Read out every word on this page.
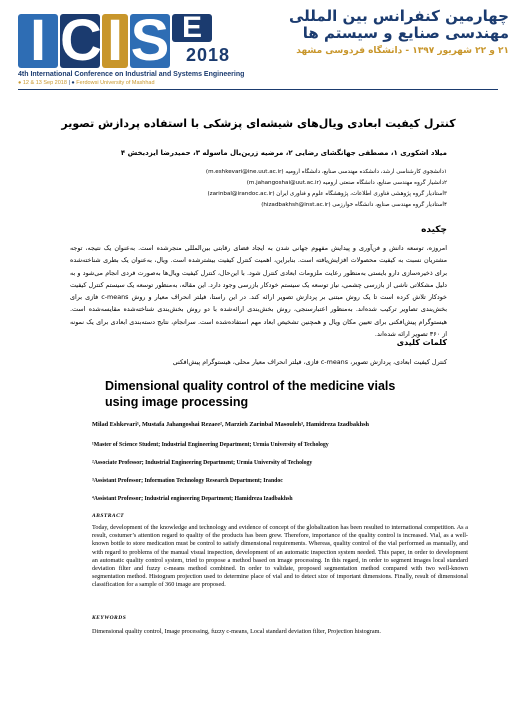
I C I S E
2018
چهارمین کنفرانس بین المللی
مهندسی صنایع و سیستم ها
۲۱ و ۲۲ شهریور ۱۳۹۷ - دانشگاه فردوسی مشهد
4th International Conference on Industrial and Systems Engineering
● 12 & 13 Sep 2018 | ● Ferdowsi University of Mashhad
کنترل کیفیت ابعادی ویال‌های شیشه‌ای پزشکی با استفاده پردازش تصویر
میلاد اشکوری ۱، مصطفی جهانگشای رضایی ۲، مرضیه زرین‌بال ماسوله ۳، حمیدرضا ایزدبخش ۴
۱دانشجوی کارشناسی ارشد، دانشکده مهندسی صنایع، دانشگاه ارومیه (m.eshkevari@ine.uut.ac.ir)
۲دانشیار گروه مهندسی صنایع، دانشگاه صنعتی ارومیه (m.jahangoshai@uut.ac.ir)
۳استادیار گروه پژوهشی فناوری اطلاعات، پژوهشگاه علوم و فناوری ایران (zarinbal@irandoc.ac.ir)
۴استادیار گروه مهندسی صنایع، دانشگاه خوارزمی (hizadbakhsh@inst.ac.ir)
چکیده

امروزه، توسعه دانش و فن‌آوری و پیدایش مفهوم جهانی شدن به ایجاد فضای رقابتی بین‌المللی منجرشده است. به‌عنوان یک نتیجه، توجه مشتریان نسبت به کیفیت محصولات افزایش‌یافته است. بنابراین، اهمیت کنترل کیفیت بیشترشده است. ویال، به‌عنوان یک بطری شناخته‌شده برای ذخیره‌سازی دارو بایستی به‌منظور رعایت ملزومات ابعادی کنترل شود. با این‌حال، کنترل کیفیت ویال‌ها به‌صورت فردی انجام می‌شود و به دلیل مشکلاتی ناشی از بازرسی چشمی، نیاز توسعه یک سیستم خودکار بازرسی وجود دارد. این مقاله، به‌منظور توسعه یک سیستم کنترل کیفیت خودکار تلاش کرده است تا یک روش مبتنی بر پردازش تصویر ارائه کند. در این راستا، فیلتر انحراف معیار و روش c-means فازی برای بخش‌بندی تصاویر ترکیب شده‌اند. به‌منظور اعتبارسنجی، روش بخش‌بندی ارائه‌شده با دو روش بخش‌بندی شناخته‌شده مقایسه‌شده است. هیستوگرام پیش‌افکنی برای تعیین مکان ویال و همچنین تشخیص ابعاد مهم استفاده‌شده است. سرانجام، نتایج دسته‌بندی ابعادی برای یک نمونه از ۳۶۰ تصویر ارائه شده‌اند.

کلمات کلیدی
کنترل کیفیت ابعادی، پردازش تصویر، c-means فازی، فیلتر انحراف معیار محلی، هیستوگرام پیش‌افکنی
Dimensional quality control of the medicine vials using image processing
Milad Eshkevari¹, Mustafa Jahangoshai Rezaee², Marzieh Zarinbal Masouleh³, Hamidreza Izadbakhsh
¹Master of Science Student; Industrial Engineering Department; Urmia University of Techology
²Associate Professor; Industrial Engineering Department; Urmia University of Techology
³Assistant Professor; Information Technology Research Department; Irandoc
⁴Assistant Professor; Industrial engineering Department; Hamidreza Izadbakhsh
ABSTRACT

Today, development of the knowledge and technology and evidence of concept of the globalization has been resulted to international competition. As a result, costumer’s attention regard to quality of the products has been grew. Therefore, importance of the quality control is increased. Vial, as a well-known bottle to store medication must be control to satisfy dimensional requirements. Whereas, quality control of the vial performed as manually, and with regard to problems of the manual visual inspection, development of an automatic inspection system needed. This paper, in order to development an automatic quality control system, tried to propose a method based on image processing. In this regard, in order to segment images local standard deviation filter and fuzzy c-means method combined. In order to validate, proposed segmentation method compared with two well-known segmentation method. Histogram projection used to determine place of vial and to detect size of important dimensions. Finally, result of dimensional classification for a sample of 360 image are proposed.

KEYWORDS
Dimensional quality control, Image processing, fuzzy c-means, Local standard deviation filter, Projection histogram.
